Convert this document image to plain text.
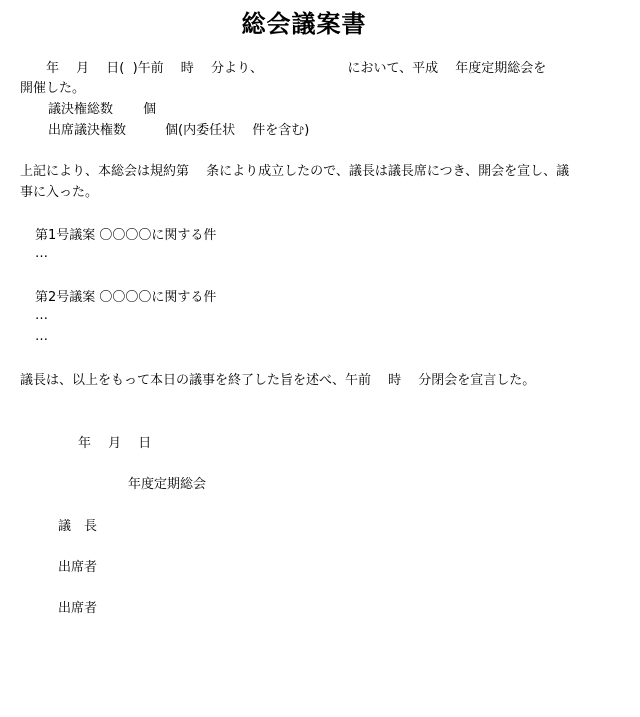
総会議案書
　　年　 月　 日(  )午前　 時　 分より、　　　　　　　において、平成　 年度定期総会を
開催した。
議決権総数　　 個
出席議決権数　　　個(内委任状　 件を含む)
上記により、本総会は規約第　 条により成立したので、議長は議長席につき、開会を宣し、議
事に入った。
第1号議案 〇〇〇〇に関する件
…
第2号議案 〇〇〇〇に関する件
…
…
議長は、以上をもって本日の議事を終了した旨を述べ、午前　 時　 分閉会を宣言した。
年　 月　 日
年度定期総会
議　長
出席者
出席者
